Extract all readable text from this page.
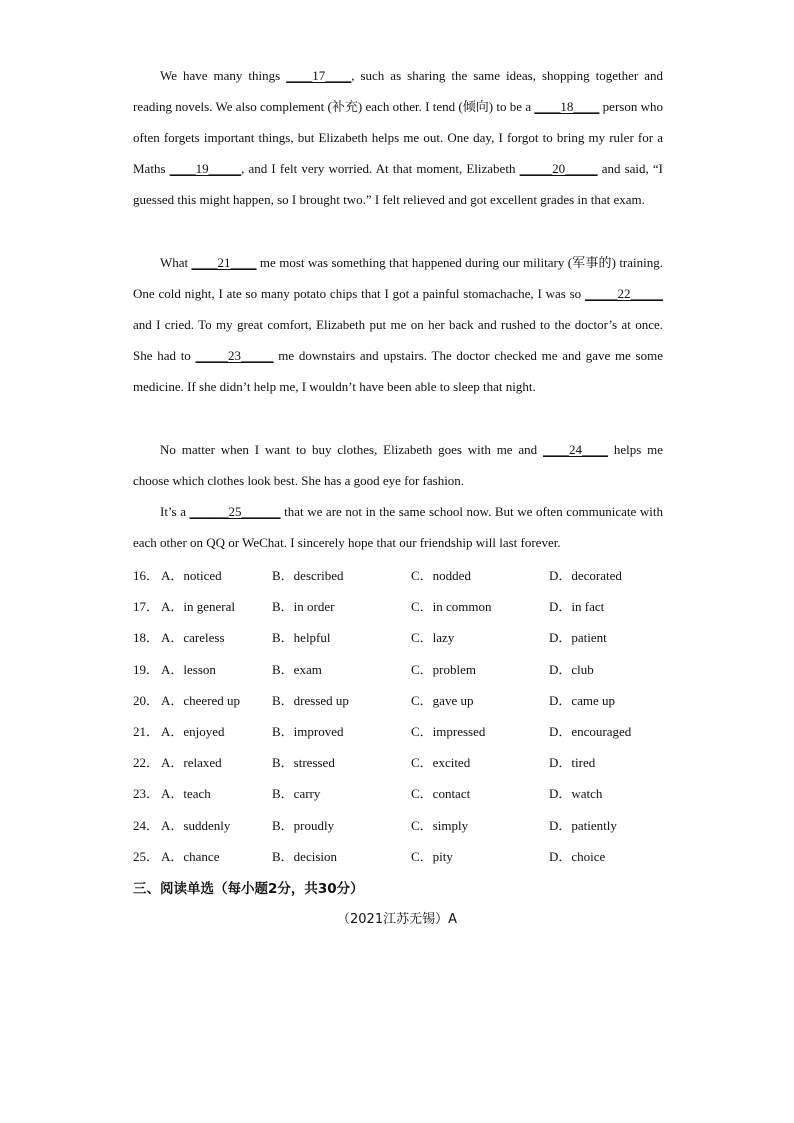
We have many things ____17____, such as sharing the same ideas, shopping together and reading novels. We also complement (补充) each other. I tend (倾向) to be a ____18____ person who often forgets important things, but Elizabeth helps me out. One day, I forgot to bring my ruler for a Maths ____19_____, and I felt very worried. At that moment, Elizabeth _____20_____ and said, “I guessed this might happen, so I brought two.” I felt relieved and got excellent grades in that exam.

What ____21____ me most was something that happened during our military (军事的) training. One cold night, I ate so many potato chips that I got a painful stomachache, I was so _____22_____ and I cried. To my great comfort, Elizabeth put me on her back and rushed to the doctor’s at once. She had to _____23_____ me downstairs and upstairs. The doctor checked me and gave me some medicine. If she didn’t help me, I wouldn’t have been able to sleep that night.

No matter when I want to buy clothes, Elizabeth goes with me and ____24____ helps me choose which clothes look best. She has a good eye for fashion.

It’s a ______25______ that we are not in the same school now. But we often communicate with each other on QQ or WeChat. I sincerely hope that our friendship will last forever.

16． A．noticed	B．described	C．nodded	D．decorated
17． A．in general	B．in order	C．in common	D．in fact
18． A．careless	B．helpful	C．lazy	D．patient
19． A．lesson	B．exam	C．problem	D．club
20． A．cheered up B．dressed up	C．gave up	D．came up
21． A．enjoyed	B．improved	C．impressed	D．encouraged
22． A．relaxed	B．stressed	C．excited	D．tired
23． A．teach	B．carry	C．contact	D．watch
24． A．suddenly	B．proudly	C．simply	D．patiently
25． A．chance	B．decision	C．pity	D．choice

三、阅读单选（每小题2分，共30分）

（2021江苏无锡）A
